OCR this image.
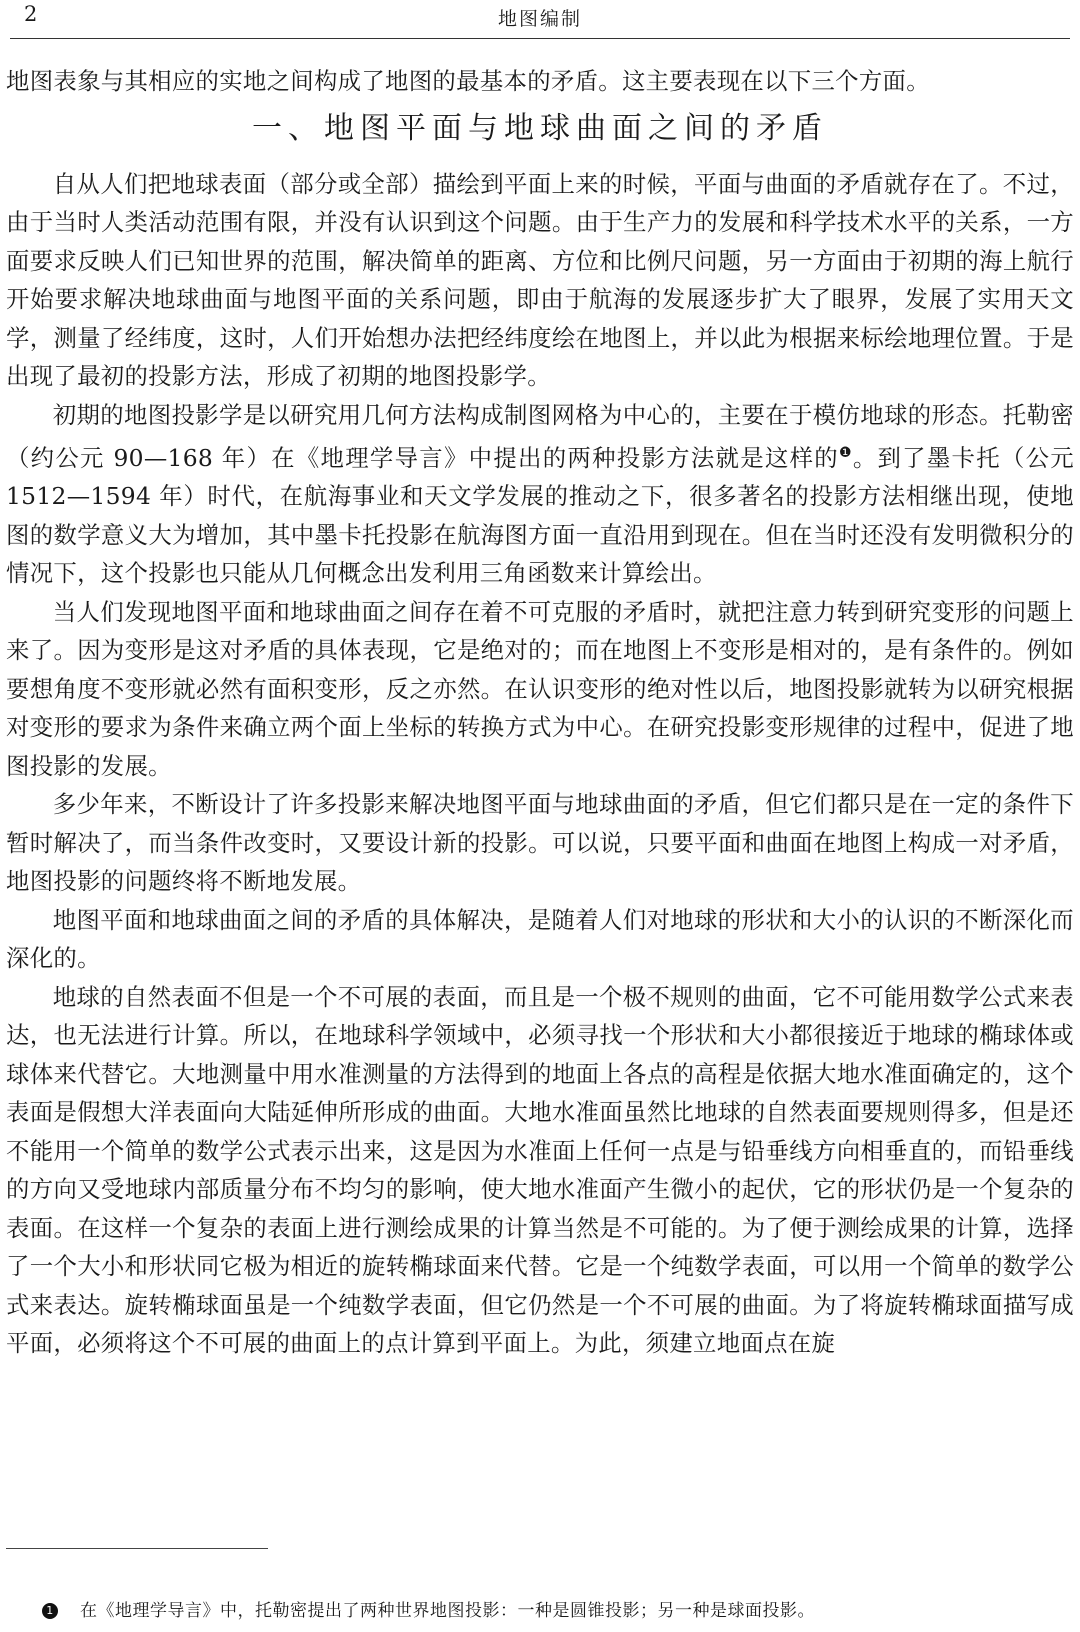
2	地图编制

地图表象与其相应的实地之间构成了地图的最基本的矛盾。这主要表现在以下三个方面。

一、地图平面与地球曲面之间的矛盾

自从人们把地球表面（部分或全部）描绘到平面上来的时候，平面与曲面的矛盾就存在了。不过，由于当时人类活动范围有限，并没有认识到这个问题。由于生产力的发展和科学技术水平的关系，一方面要求反映人们已知世界的范围，解决简单的距离、方位和比例尺问题，另一方面由于初期的海上航行开始要求解决地球曲面与地图平面的关系问题，即由于航海的发展逐步扩大了眼界，发展了实用天文学，测量了经纬度，这时，人们开始想办法把经纬度绘在地图上，并以此为根据来标绘地理位置。于是出现了最初的投影方法，形成了初期的地图投影学。

初期的地图投影学是以研究用几何方法构成制图网格为中心的，主要在于模仿地球的形态。托勒密（约公元 90—168 年）在《地理学导言》中提出的两种投影方法就是这样的$^❶$。到了墨卡托（公元 1512—1594 年）时代，在航海事业和天文学发展的推动之下，很多著名的投影方法相继出现，使地图的数学意义大为增加，其中墨卡托投影在航海图方面一直沿用到现在。但在当时还没有发明微积分的情况下，这个投影也只能从几何概念出发利用三角函数来计算绘出。

当人们发现地图平面和地球曲面之间存在着不可克服的矛盾时，就把注意力转到研究变形的问题上来了。因为变形是这对矛盾的具体表现，它是绝对的；而在地图上不变形是相对的，是有条件的。例如要想角度不变形就必然有面积变形，反之亦然。在认识变形的绝对性以后，地图投影就转为以研究根据对变形的要求为条件来确立两个面上坐标的转换方式为中心。在研究投影变形规律的过程中，促进了地图投影的发展。

多少年来，不断设计了许多投影来解决地图平面与地球曲面的矛盾，但它们都只是在一定的条件下暂时解决了，而当条件改变时，又要设计新的投影。可以说，只要平面和曲面在地图上构成一对矛盾，地图投影的问题终将不断地发展。

地图平面和地球曲面之间的矛盾的具体解决，是随着人们对地球的形状和大小的认识的不断深化而深化的。

地球的自然表面不但是一个不可展的表面，而且是一个极不规则的曲面，它不可能用数学公式来表达，也无法进行计算。所以，在地球科学领域中，必须寻找一个形状和大小都很接近于地球的椭球体或球体来代替它。大地测量中用水准测量的方法得到的地面上各点的高程是依据大地水准面确定的，这个表面是假想大洋表面向大陆延伸所形成的曲面。大地水准面虽然比地球的自然表面要规则得多，但是还不能用一个简单的数学公式表示出来，这是因为水准面上任何一点是与铅垂线方向相垂直的，而铅垂线的方向又受地球内部质量分布不均匀的影响，使大地水准面产生微小的起伏，它的形状仍是一个复杂的表面。在这样一个复杂的表面上进行测绘成果的计算当然是不可能的。为了便于测绘成果的计算，选择了一个大小和形状同它极为相近的旋转椭球面来代替。它是一个纯数学表面，可以用一个简单的数学公式来表达。旋转椭球面虽是一个纯数学表面，但它仍然是一个不可展的曲面。为了将旋转椭球面描写成平面，必须将这个不可展的曲面上的点计算到平面上。为此，须建立地面点在旋

1 在《地理学导言》中，托勒密提出了两种世界地图投影：一种是圆锥投影；另一种是球面投影。
